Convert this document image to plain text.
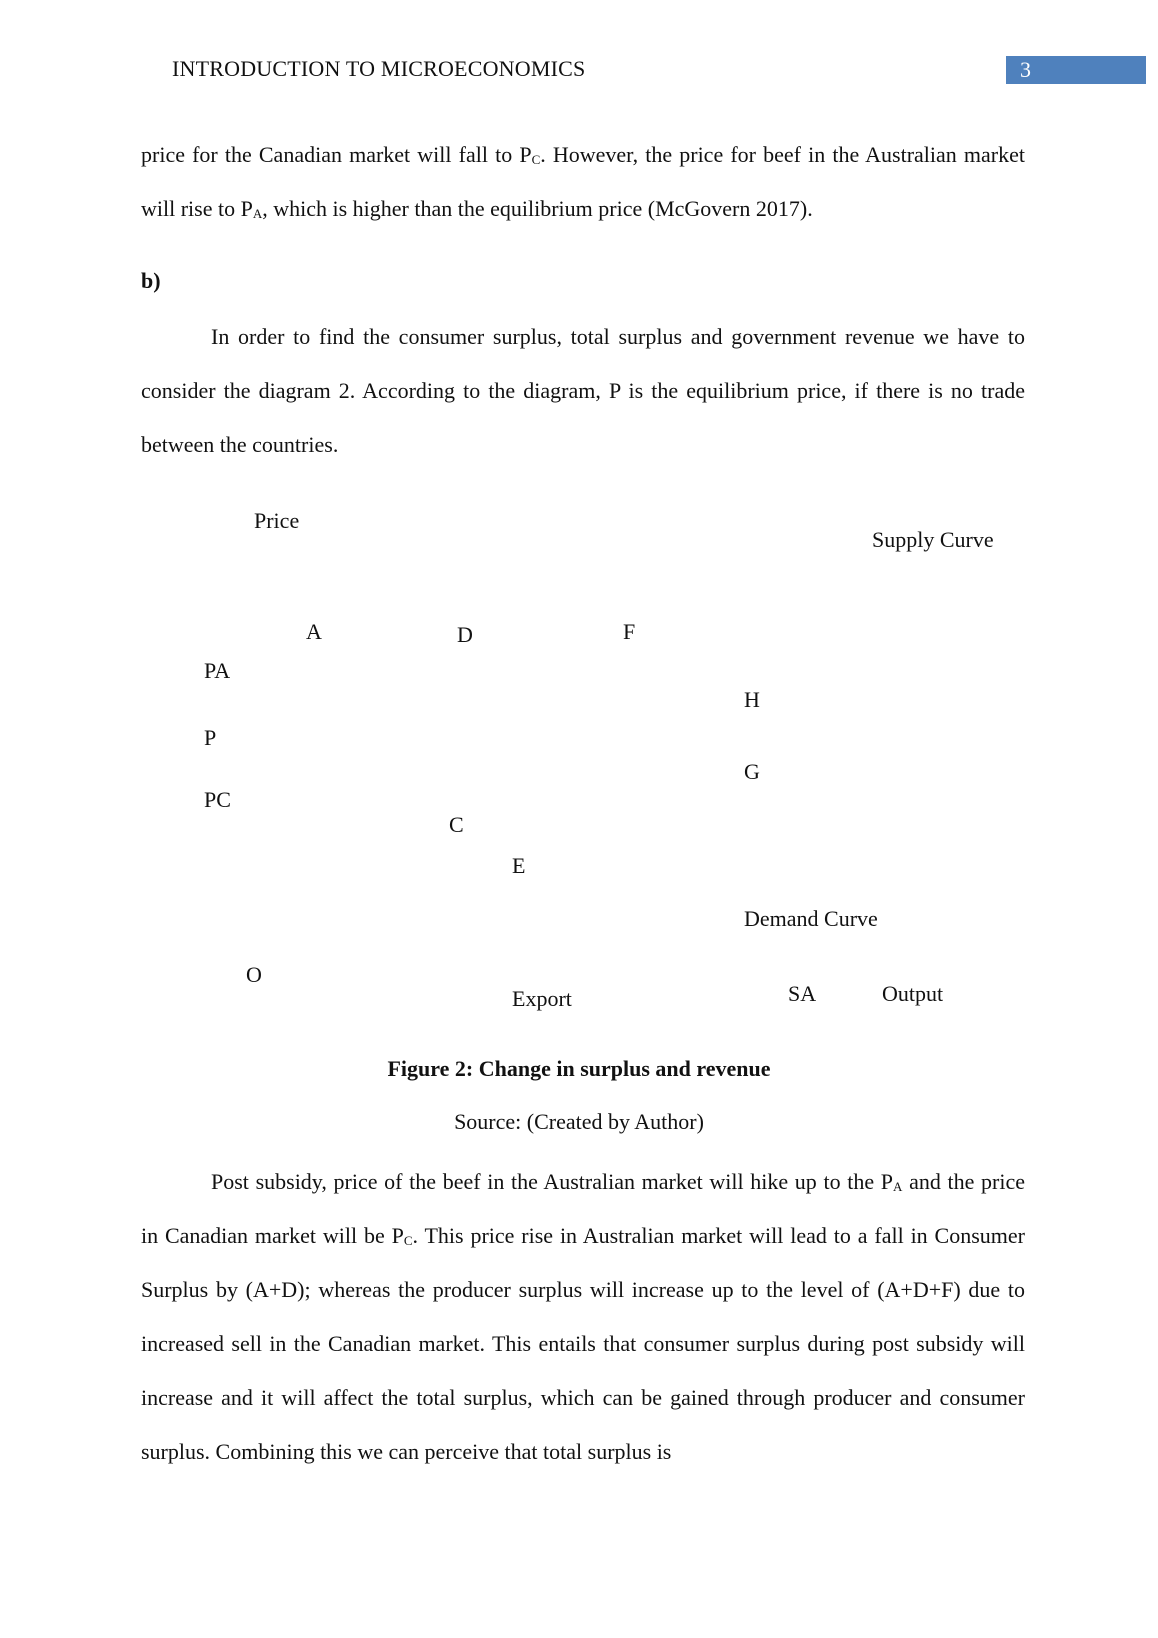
INTRODUCTION TO MICROECONOMICS	3

price for the Canadian market will fall to $P_C$. However, the price for beef in the Australian market will rise to $P_A$, which is higher than the equilibrium price (McGovern 2017).

b)

In order to find the consumer surplus, total surplus and government revenue we have to consider the diagram 2. According to the diagram, P is the equilibrium price, if there is no trade between the countries.

Price
Supply Curve
A	D	F
PA
H
P
G
PC
C
E
Demand Curve
O
Export	SA	Output
Figure 2: Change in surplus and revenue
Source: (Created by Author)

Post subsidy, price of the beef in the Australian market will hike up to the $P_A$ and the price in Canadian market will be $P_C$. This price rise in Australian market will lead to a fall in Consumer Surplus by (A+D); whereas the producer surplus will increase up to the level of (A+D+F) due to increased sell in the Canadian market. This entails that consumer surplus during post subsidy will increase and it will affect the total surplus, which can be gained through producer and consumer surplus. Combining this we can perceive that total surplus is
